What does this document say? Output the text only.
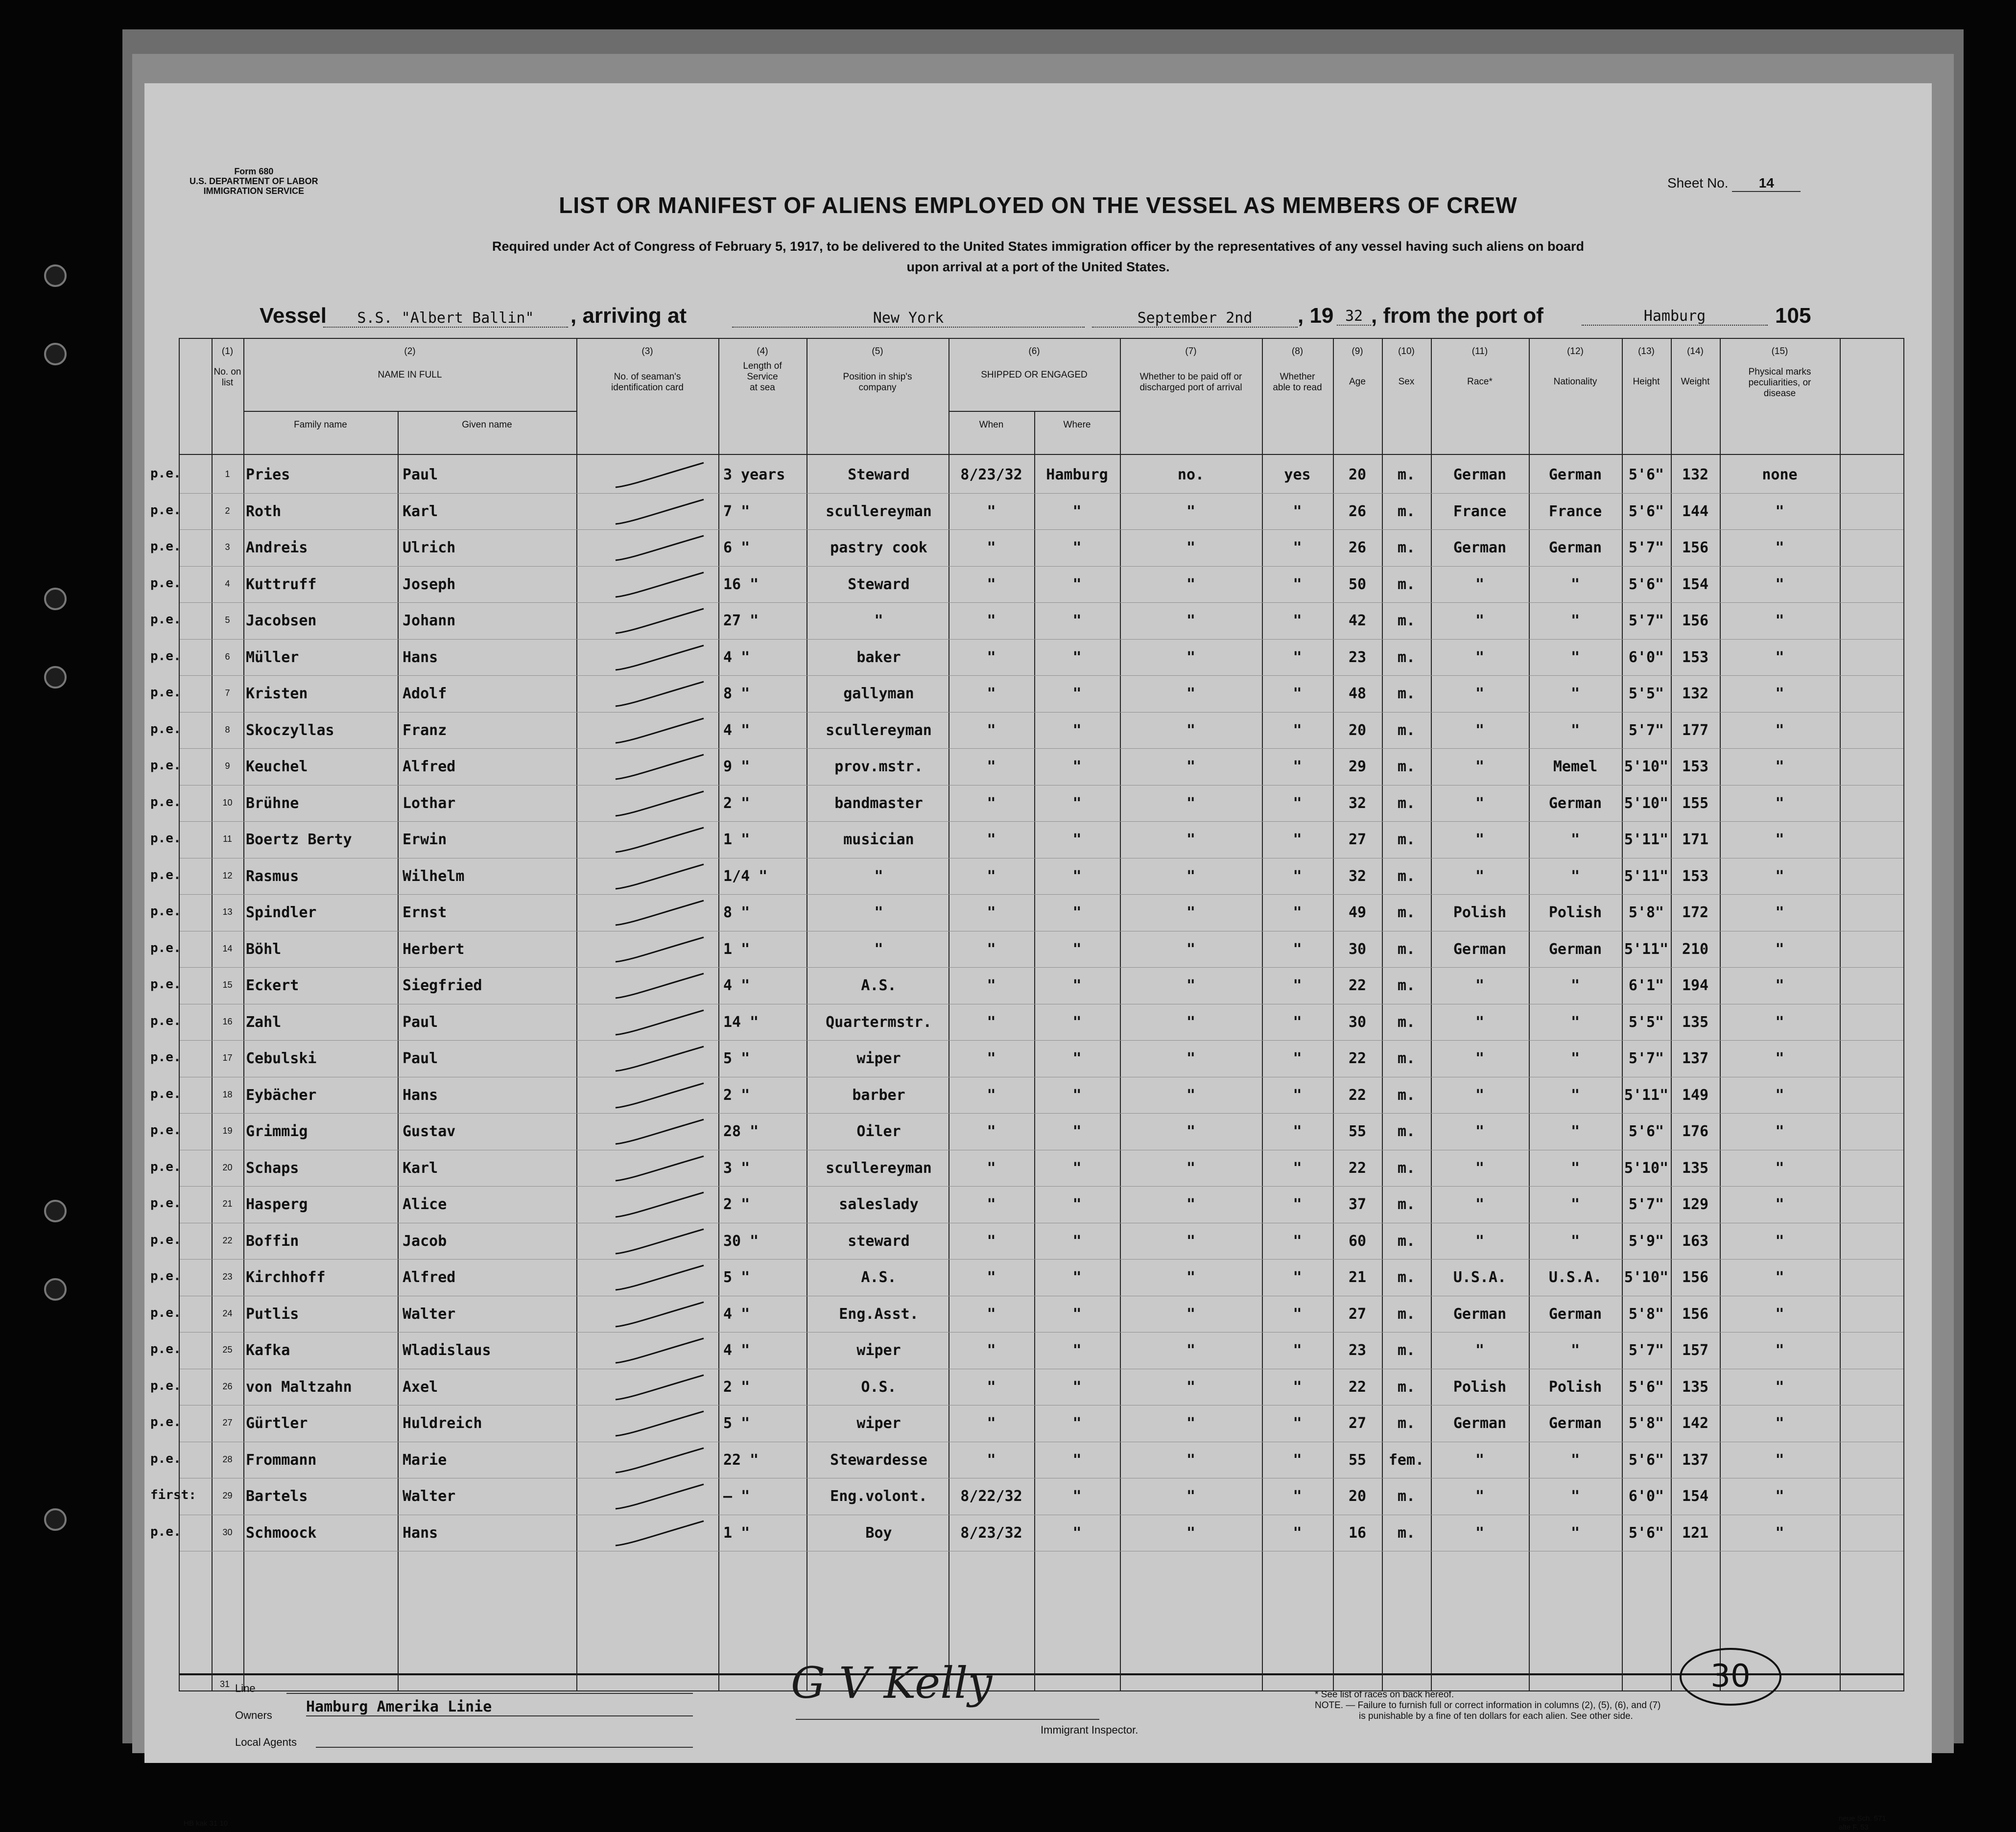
Form 680
U.S. DEPARTMENT OF LABOR
IMMIGRATION SERVICE
Sheet No. 14
LIST OR MANIFEST OF ALIENS EMPLOYED ON THE VESSEL AS MEMBERS OF CREW
Required under Act of Congress of February 5, 1917, to be delivered to the United States immigration officer by the representatives of any vessel having such aliens on board
upon arrival at a port of the United States.
Vessel	S.S. "Albert Ballin"	, arriving at	New York	September 2nd	, 19 32 , from the port of	Hamburg	105
(1)
No. on list
(2)
NAME IN FULL
Family name	Given name
(3)
No. of seaman's identification card
(4)
Length of Service at sea
(5)
Position in ship's company
(6)
SHIPPED OR ENGAGED
When	Where
(7)
Whether to be paid off or discharged port of arrival
(8)
Whether able to read
(9)
Age
(10)
Sex
(11)
Race*
(12)
Nationality
(13)
Height
(14)
Weight
(15)
Physical marks peculiarities, or disease
31
p.e.	1	Pries	Paul	3 years	Steward	8/23/32	Hamburg	no.	yes	20	m.	German	German	5'6"	132	none
p.e.	2	Roth	Karl	7 "	scullereyman	"	"	"	"	26	m.	France	France	5'6"	144	"
p.e.	3	Andreis	Ulrich	6 "	pastry cook	"	"	"	"	26	m.	German	German	5'7"	156	"
p.e.	4	Kuttruff	Joseph	16 "	Steward	"	"	"	"	50	m.	"	"	5'6"	154	"
p.e.	5	Jacobsen	Johann	27 "	"	"	"	"	"	42	m.	"	"	5'7"	156	"
p.e.	6	Müller	Hans	4 "	baker	"	"	"	"	23	m.	"	"	6'0"	153	"
p.e.	7	Kristen	Adolf	8 "	gallyman	"	"	"	"	48	m.	"	"	5'5"	132	"
p.e.	8	Skoczyllas	Franz	4 "	scullereyman	"	"	"	"	20	m.	"	"	5'7"	177	"
p.e.	9	Keuchel	Alfred	9 "	prov.mstr.	"	"	"	"	29	m.	"	Memel	5'10" 153	"
p.e.	10 Brühne	Lothar	2 "	bandmaster	"	"	"	"	32	m.	"	German	5'10" 155	"
p.e.	11 Boertz Berty	Erwin	1 "	musician	"	"	"	"	27	m.	"	"	5'11" 171	"
p.e.	12 Rasmus	Wilhelm	1/4 "	"	"	"	"	"	32	m.	"	"	5'11" 153	"
p.e.	13 Spindler	Ernst	8 "	"	"	"	"	"	49	m.	Polish	Polish	5'8"	172	"
p.e.	14 Böhl	Herbert	1 "	"	"	"	"	"	30	m.	German	German	5'11" 210	"
p.e.	15 Eckert	Siegfried	4 "	A.S.	"	"	"	"	22	m.	"	"	6'1"	194	"
p.e.	16 Zahl	Paul	14 "	Quartermstr.	"	"	"	"	30	m.	"	"	5'5"	135	"
p.e.	17 Cebulski	Paul	5 "	wiper	"	"	"	"	22	m.	"	"	5'7"	137	"
p.e.	18 Eybächer	Hans	2 "	barber	"	"	"	"	22	m.	"	"	5'11" 149	"
p.e.	19 Grimmig	Gustav	28 "	Oiler	"	"	"	"	55	m.	"	"	5'6"	176	"
p.e.	20 Schaps	Karl	3 "	scullereyman	"	"	"	"	22	m.	"	"	5'10" 135	"
p.e.	21 Hasperg	Alice	2 "	saleslady	"	"	"	"	37	m.	"	"	5'7"	129	"
p.e.	22 Boffin	Jacob	30 "	steward	"	"	"	"	60	m.	"	"	5'9"	163	"
p.e.	23 Kirchhoff	Alfred	5 "	A.S.	"	"	"	"	21	m.	U.S.A.	U.S.A.	5'10" 156	"
p.e.	24 Putlis	Walter	4 "	Eng.Asst.	"	"	"	"	27	m.	German	German	5'8"	156	"
p.e.	25 Kafka	Wladislaus	4 "	wiper	"	"	"	"	23	m.	"	"	5'7"	157	"
p.e.	26 von Maltzahn	Axel	2 "	O.S.	"	"	"	"	22	m.	Polish	Polish	5'6"	135	"
p.e.	27 Gürtler	Huldreich	5 "	wiper	"	"	"	"	27	m.	German	German	5'8"	142	"
p.e.	28 Frommann	Marie	22 "	Stewardesse	"	"	"	"	55	fem.	"	"	5'6"	137	"
first:	29 Bartels	Walter	– "	Eng.volont.	8/22/32	"	"	"	20	m.	"	"	6'0"	154	"
p.e.	30 Schmoock	Hans	1 "	Boy	8/23/32	"	"	"	16	m.	"	"	5'6"	121	"
Line
Owners Hamburg Amerika Linie
Local Agents
G V Kelly
Immigrant Inspector.
* See list of races on back hereof.
NOTE. — Failure to furnish full or correct information in columns (2), (5), (6), and (7)
is punishable by a fine of ten dollars for each alien. See other side.
30
HB kak 31 10
neue Sch. 571
alte F. 53
